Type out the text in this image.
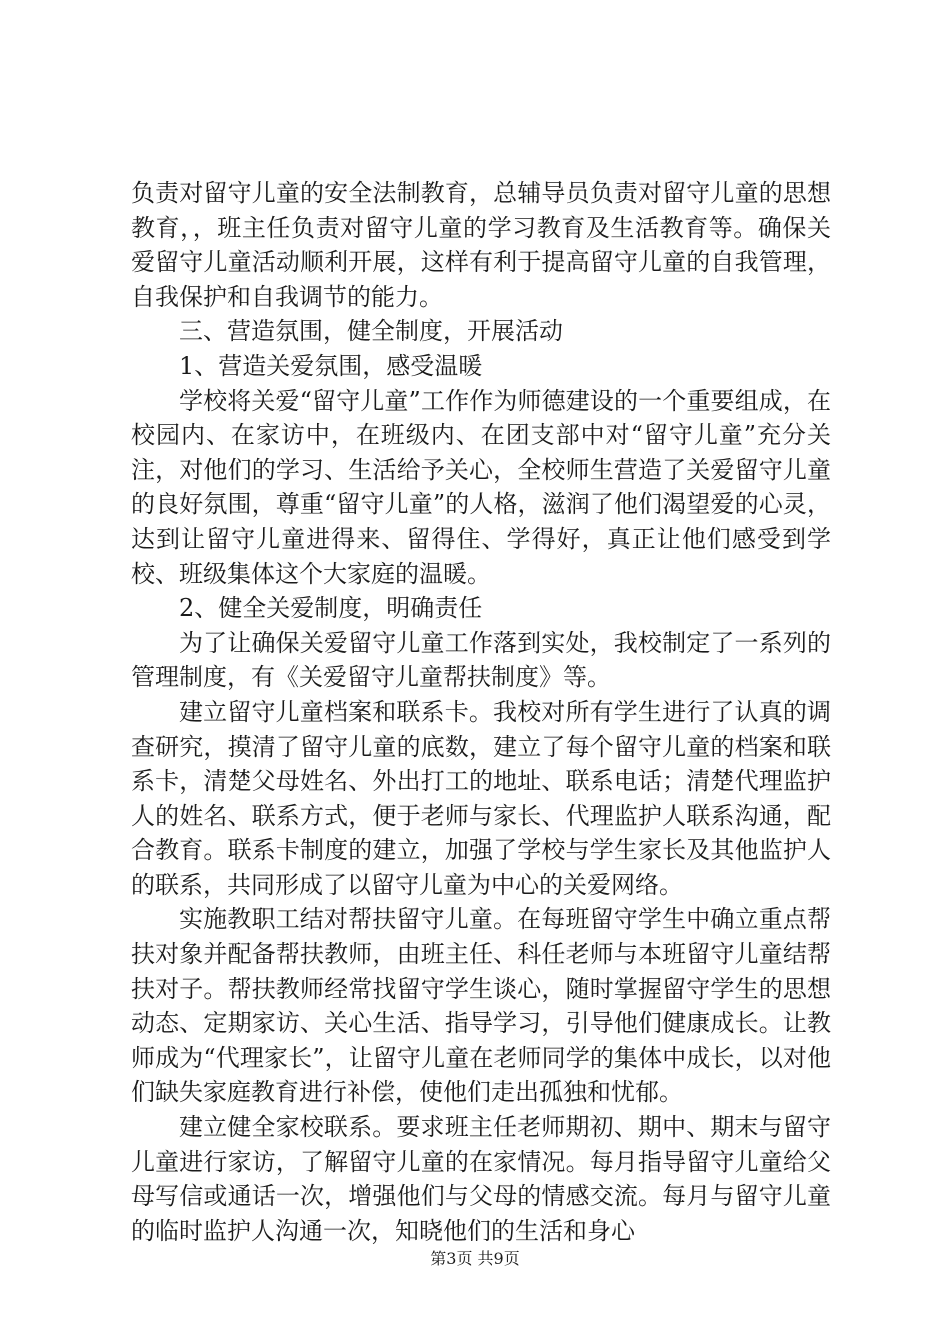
负责对留守儿童的安全法制教育，总辅导员负责对留守儿童的思想教育，，班主任负责对留守儿童的学习教育及生活教育等。确保关爱留守儿童活动顺利开展，这样有利于提高留守儿童的自我管理，自我保护和自我调节的能力。

三、营造氛围，健全制度，开展活动

1、营造关爱氛围，感受温暖

学校将关爱“留守儿童”工作作为师德建设的一个重要组成，在校园内、在家访中，在班级内、在团支部中对“留守儿童”充分关注，对他们的学习、生活给予关心，全校师生营造了关爱留守儿童的良好氛围，尊重“留守儿童”的人格，滋润了他们渴望爱的心灵，达到让留守儿童进得来、留得住、学得好，真正让他们感受到学校、班级集体这个大家庭的温暖。

2、健全关爱制度，明确责任

为了让确保关爱留守儿童工作落到实处，我校制定了一系列的管理制度，有《关爱留守儿童帮扶制度》等。

建立留守儿童档案和联系卡。我校对所有学生进行了认真的调查研究，摸清了留守儿童的底数，建立了每个留守儿童的档案和联系卡，清楚父母姓名、外出打工的地址、联系电话；清楚代理监护人的姓名、联系方式，便于老师与家长、代理监护人联系沟通，配合教育。联系卡制度的建立，加强了学校与学生家长及其他监护人的联系，共同形成了以留守儿童为中心的关爱网络。

实施教职工结对帮扶留守儿童。在每班留守学生中确立重点帮扶对象并配备帮扶教师，由班主任、科任老师与本班留守儿童结帮扶对子。帮扶教师经常找留守学生谈心，随时掌握留守学生的思想动态、定期家访、关心生活、指导学习，引导他们健康成长。让教师成为“代理家长”，让留守儿童在老师同学的集体中成长，以对他们缺失家庭教育进行补偿，使他们走出孤独和忧郁。

建立健全家校联系。要求班主任老师期初、期中、期末与留守儿童进行家访，了解留守儿童的在家情况。每月指导留守儿童给父母写信或通话一次，增强他们与父母的情感交流。每月与留守儿童的临时监护人沟通一次，知晓他们的生活和身心

第3页 共9页
